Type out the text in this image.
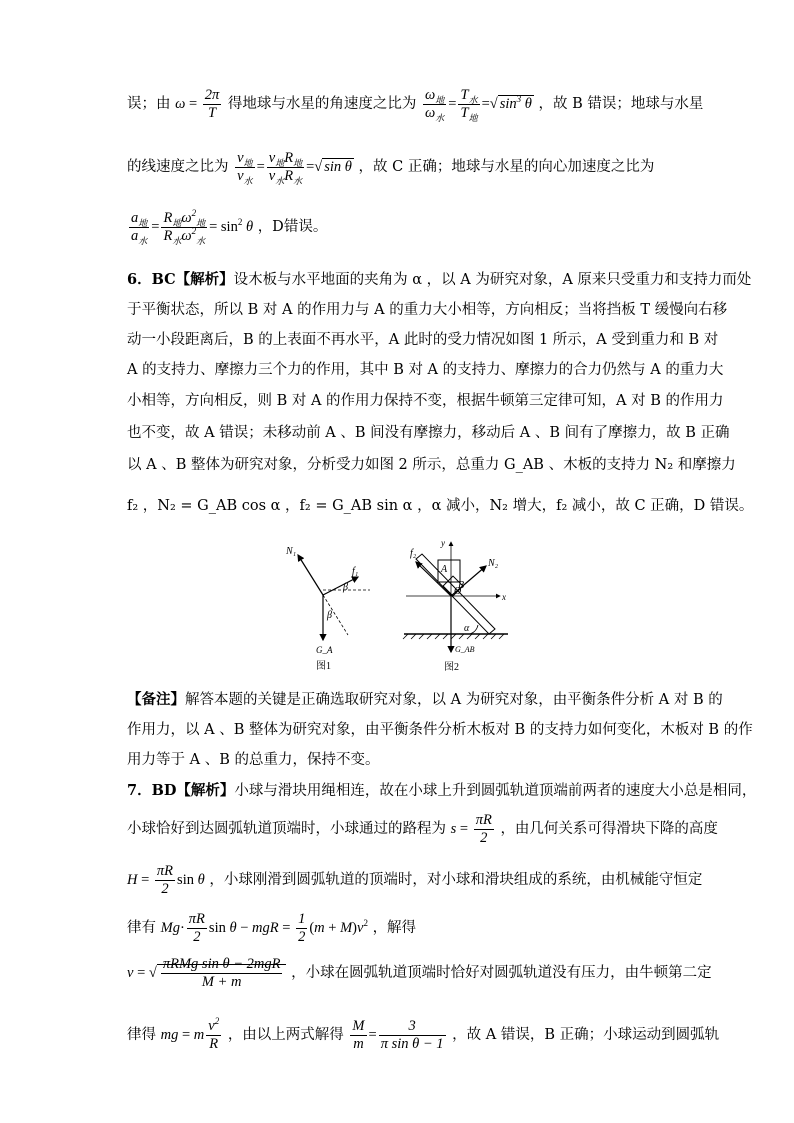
误；由 $\omega = \frac{2\pi}{T}$ 得地球与水星的角速度之比为 $\frac{\omega_地}{\omega_水} = \frac{T_水}{T_地}$ =√ $\sin^3 \theta$ ，故 B 错误；地球与水星
的线速度之比为 $\frac{v_地}{v_水} = \frac{v_地R_地}{v_水R_水}$ =√ sin θ ，故 C 正确；地球与水星的向心加速度之比为
$\frac{a_地}{a_水} = \frac{R_地\omega^2_地}{R_水\omega^2_水} = \sin^2 \theta$ ，D错误。
6．BC【解析】设木板与水平地面的夹角为 α ，以 A 为研究对象，A 原来只受重力和支持力而处
于平衡状态，所以 B 对 A 的作用力与 A 的重力大小相等，方向相反；当将挡板 T 缓慢向右移
动一小段距离后，B 的上表面不再水平，A 此时的受力情况如图 1 所示，A 受到重力和 B 对
A 的支持力、摩擦力三个力的作用，其中 B 对 A 的支持力、摩擦力的合力仍然与 A 的重力大
小相等，方向相反，则 B 对 A 的作用力保持不变，根据牛顿第三定律可知，A 对 B 的作用力
也不变，故 A 错误；未移动前 A 、B 间没有摩擦力，移动后 A 、B 间有了摩擦力，故 B 正确
以 A 、B 整体为研究对象，分析受力如图 2 所示，总重力 G_AB 、木板的支持力 N₂ 和摩擦力
f₂ ，N₂ = G_AB cos α ，f₂ = G_AB sin α ，α 减小，N₂ 增大，f₂ 减小，故 C 正确，D 错误。
N₁
f₁
β
β
G_A
图1
f₂
y
A
B
O
N₂
x
α
G_AB
图2
【备注】解答本题的关键是正确选取研究对象，以 A 为研究对象，由平衡条件分析 A 对 B 的
作用力，以 A 、B 整体为研究对象，由平衡条件分析木板对 B 的支持力如何变化，木板对 B 的作
用力等于 A 、B 的总重力，保持不变。
7．BD【解析】小球与滑块用绳相连，故在小球上升到圆弧轨道顶端前两者的速度大小总是相同，
小球恰好到达圆弧轨道顶端时，小球通过的路程为 $s = \frac{\pi R}{2}$ ，由几何关系可得滑块下降的高度
$H = \frac{\pi R}{2}$ sin θ ，小球刚滑到圆弧轨道的顶端时，对小球和滑块组成的系统，由机械能守恒定
律有 $Mg\cdot \frac{\pi R}{2}$ sin θ − mgR = $\frac{1}{2} (m + M)v^2$ ，解得
v = √ $\frac{\text{πRMg sin θ − 2mgR}}{M + m}$ ，小球在圆弧轨道顶端时恰好对圆弧轨道没有压力，由牛顿第二定
律得 mg = m $\frac{v^2}{R}$ ，由以上两式解得 $\frac{M}{m} = \frac{3}{\text{π sin θ − 1}}$ ，故 A 错误，B 正确；小球运动到圆弧轨
